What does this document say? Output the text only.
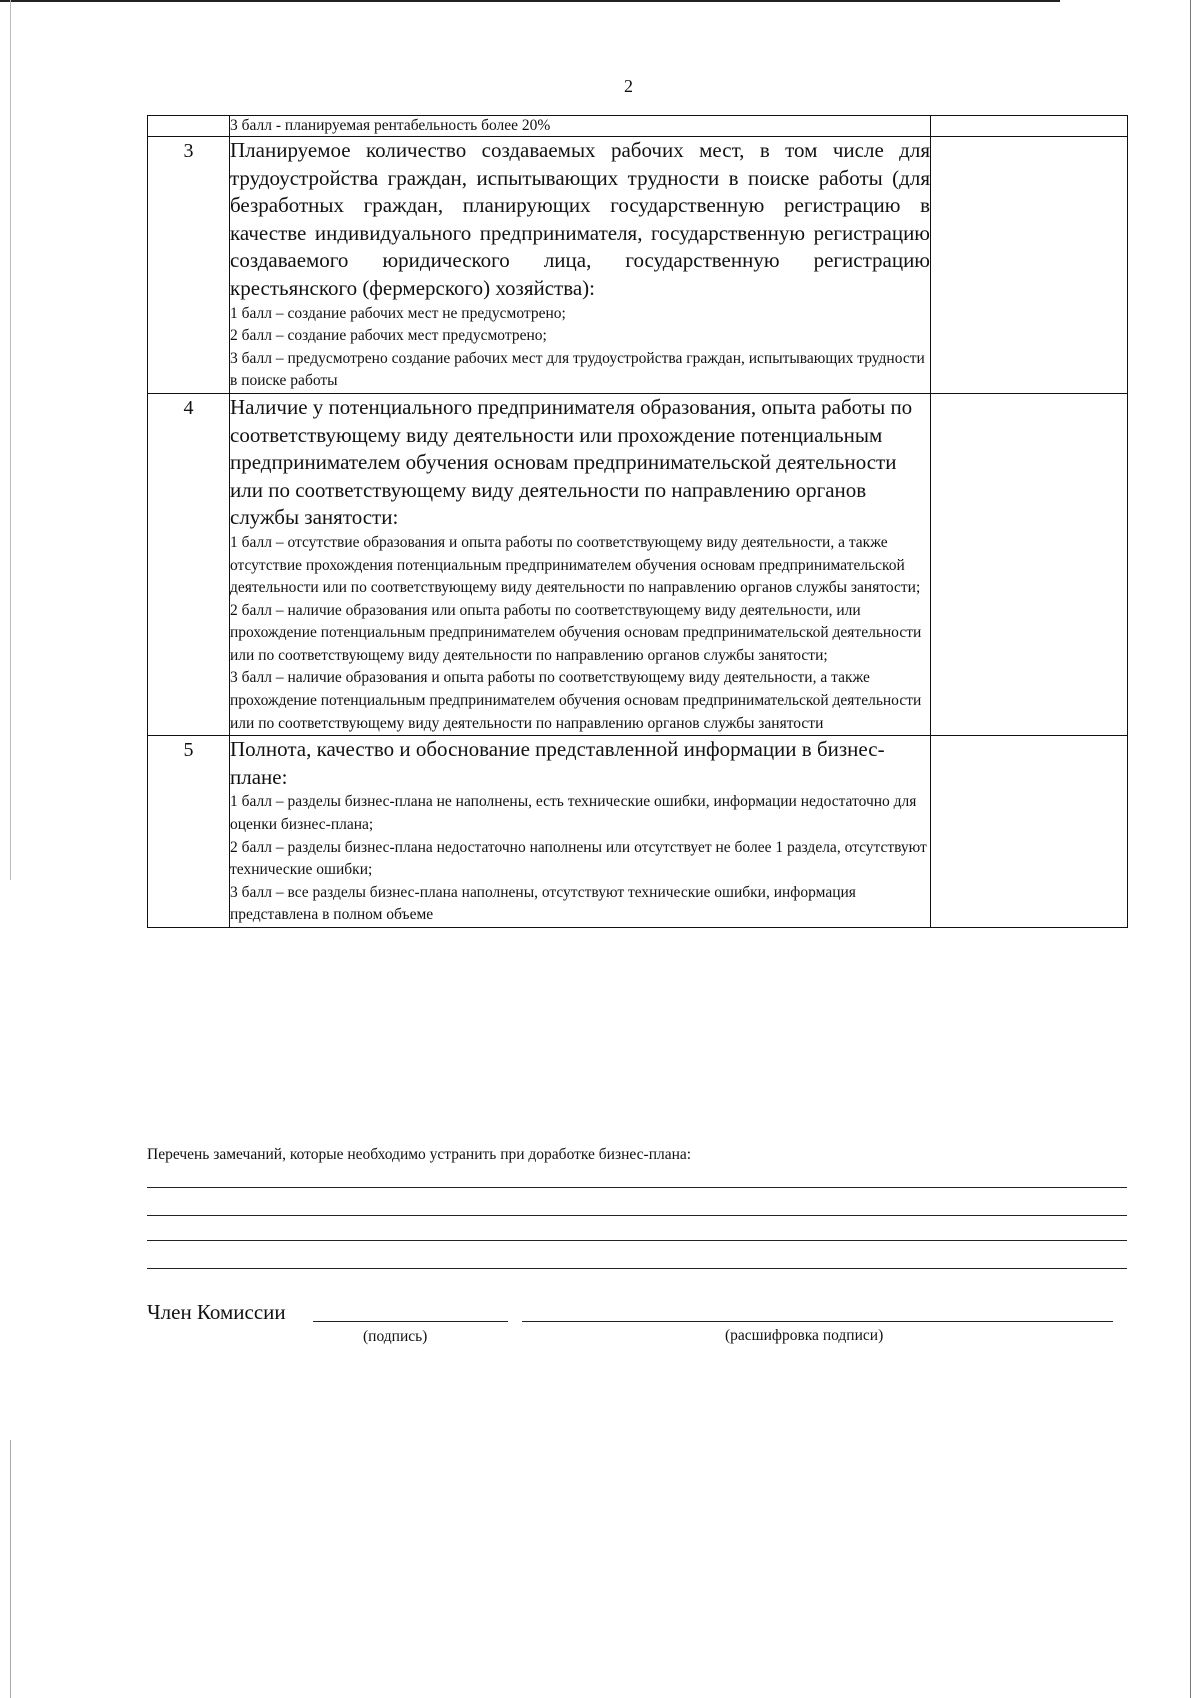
2

	3 балл - планируемая рентабельность более 20%	

3	Планируемое количество создаваемых рабочих мест, в том числе для трудоустройства граждан, испытывающих трудности в поиске работы (для безработных граждан, планирующих государственную регистрацию в качестве индивидуального предпринимателя, государственную регистрацию создаваемого юридического лица, государственную регистрацию крестьянского (фермерского) хозяйства):
1 балл – создание рабочих мест не предусмотрено;
2 балл – создание рабочих мест предусмотрено;
3 балл – предусмотрено создание рабочих мест для трудоустройства граждан, испытывающих трудности в поиске работы	

4	Наличие у потенциального предпринимателя образования, опыта работы по соответствующему виду деятельности или прохождение потенциальным предпринимателем обучения основам предпринимательской деятельности или по соответствующему виду деятельности по направлению органов службы занятости:
1 балл – отсутствие образования и опыта работы по соответствующему виду деятельности, а также отсутствие прохождения потенциальным предпринимателем обучения основам предпринимательской деятельности или по соответствующему виду деятельности по направлению органов службы занятости;
2 балл – наличие образования или опыта работы по соответствующему виду деятельности, или прохождение потенциальным предпринимателем обучения основам предпринимательской деятельности или по соответствующему виду деятельности по направлению органов службы занятости;
3 балл – наличие образования и опыта работы по соответствующему виду деятельности, а также прохождение потенциальным предпринимателем обучения основам предпринимательской деятельности или по соответствующему виду деятельности по направлению органов службы занятости	

5	Полнота, качество и обоснование представленной информации в бизнес-плане:
1 балл – разделы бизнес-плана не наполнены, есть технические ошибки, информации недостаточно для оценки бизнес-плана;
2 балл – разделы бизнес-плана недостаточно наполнены или отсутствует не более 1 раздела, отсутствуют технические ошибки;
3 балл – все разделы бизнес-плана наполнены, отсутствуют технические ошибки, информация представлена в полном объеме	

Перечень замечаний, которые необходимо устранить при доработке бизнес-плана:
Член Комиссии
(подпись)	(расшифровка подписи)
